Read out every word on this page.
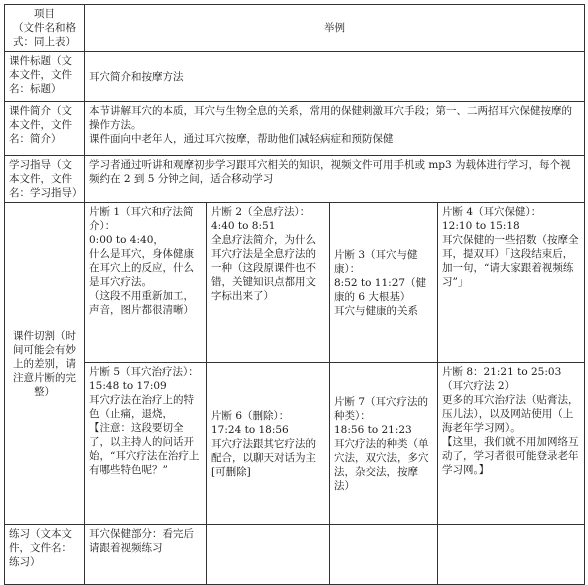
项目
（文件名和格式：同上表）	举例			
课件标题（文本文件，文件名：标题）	耳穴简介和按摩方法			
课件简介（文本文件，文件名：简介）	本节讲解耳穴的本质，耳穴与生物全息的关系，常用的保健刺激耳穴手段；第一、二两招耳穴保健按摩的操作方法。
课件面向中老年人，通过耳穴按摩，帮助他们减轻病症和预防保健			
学习指导（文本文件，文件名：学习指导）	学习者通过听讲和观摩初步学习跟耳穴相关的知识，视频文件可用手机或 mp3 为载体进行学习，每个视频约在 2 到 5 分钟之间，适合移动学习			
课件切割（时间可能会有妙上的差别，请注意片断的完整）	片断 1（耳穴和疗法简介）：
0:00 to 4:40，
什么是耳穴，身体健康在耳穴上的反应，什么是耳穴疗法。
（这段不用重新加工，声音，图片都很清晰）	片断 2（全息疗法）：
4:40 to 8:51
全息疗法简介，为什么耳穴疗法是全息疗法的一种（这段原课件也不错，关键知识点都用文字标出来了）	片断 3（耳穴与健康）：
8:52 to 11:27（健康的 6 大根基）
耳穴与健康的关系	片断 4（耳穴保健）：
12:10 to 15:18
耳穴保健的一些招数（按摩全耳，提双耳）「这段结束后，加一句，“请大家跟着视频练习”」
	片断 5（耳穴治疗法）：
15:48 to 17:09
耳穴疗法在治疗上的特色（止痛，退烧，
【注意：这段要切全了，以主持人的问话开始，“耳穴疗法在治疗上有哪些特色呢？”	片断 6（删除）：
17:24 to 18:56
耳穴疗法跟其它疗法的配合，以聊天对话为主[可删除]	片断 7（耳穴疗法的种类）：
18:56 to 21:23
耳穴疗法的种类（单穴法，双穴法，多穴法，杂交法，按摩法）	片断 8：21:21 to 25:03
（耳穴疗法 2）
更多的耳穴治疗法（贴膏法，压儿法），以及网站使用（上海老年学习网）。
【这里，我们就不用加网络互动了，学习者很可能登录老年学习网。】
练习（文本文件，文件名：练习）	耳穴保健部分：看完后请跟着视频练习			
